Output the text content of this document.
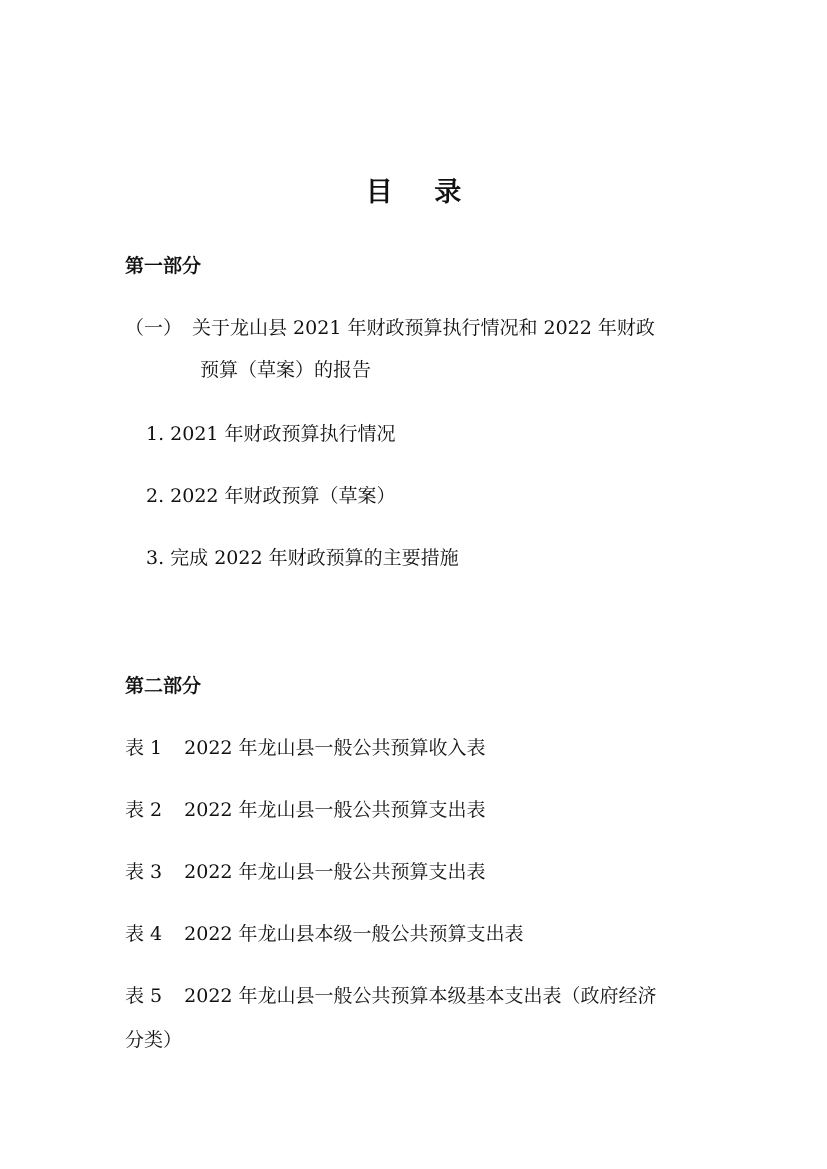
目 录
第一部分
（一） 关于龙山县 2021 年财政预算执行情况和 2022 年财政
预算（草案）的报告
1. 2021 年财政预算执行情况
2. 2022 年财政预算（草案）
3. 完成 2022 年财政预算的主要措施
第二部分
表 1 2022 年龙山县一般公共预算收入表
表 2 2022 年龙山县一般公共预算支出表
表 3 2022 年龙山县一般公共预算支出表
表 4 2022 年龙山县本级一般公共预算支出表
表 5 2022 年龙山县一般公共预算本级基本支出表（政府经济
分类）
